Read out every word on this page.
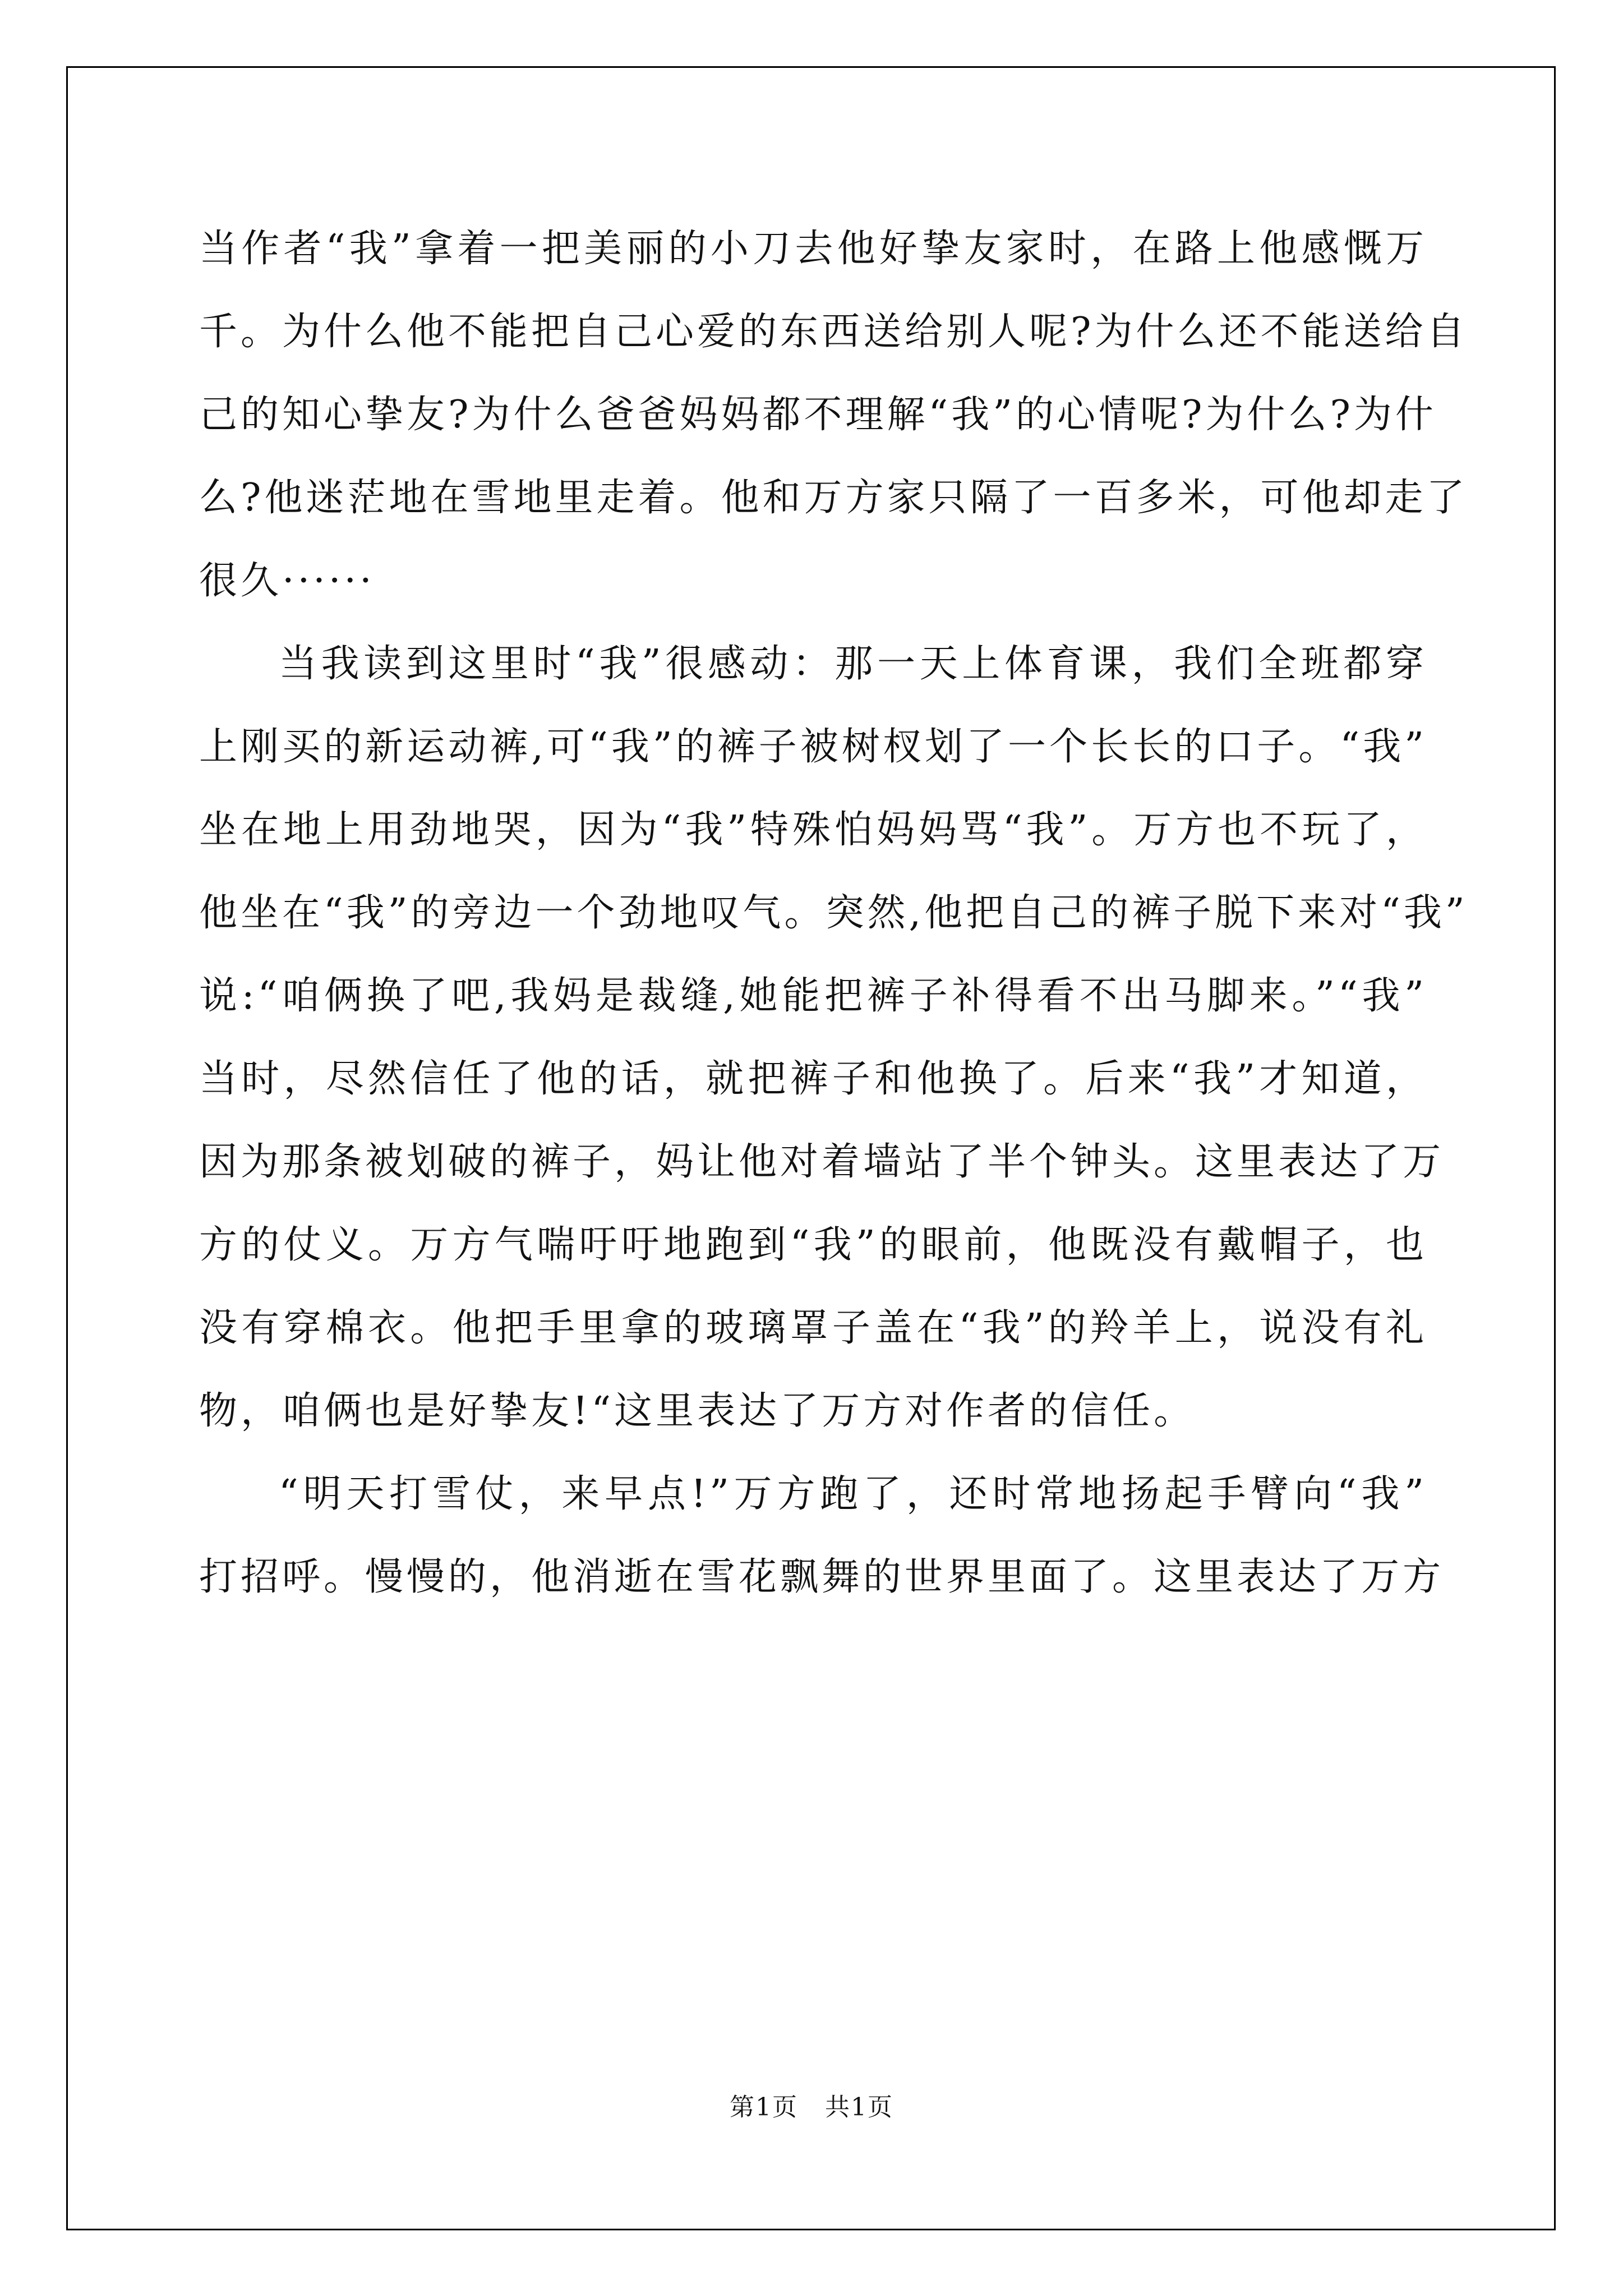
当作者“我”拿着一把美丽的小刀去他好挚友家时，在路上他感慨万
千。为什么他不能把自己心爱的东西送给别人呢?为什么还不能送给自
己的知心挚友?为什么爸爸妈妈都不理解“我”的心情呢?为什么?为什
么?他迷茫地在雪地里走着。他和万方家只隔了一百多米，可他却走了
很久······
当我读到这里时“我”很感动：那一天上体育课，我们全班都穿
上刚买的新运动裤,可“我”的裤子被树杈划了一个长长的口子。“我”
坐在地上用劲地哭，因为“我”特殊怕妈妈骂“我”。万方也不玩了，
他坐在“我”的旁边一个劲地叹气。突然,他把自己的裤子脱下来对“我”
说:“咱俩换了吧,我妈是裁缝,她能把裤子补得看不出马脚来。”“我”
当时，尽然信任了他的话，就把裤子和他换了。后来“我”才知道，
因为那条被划破的裤子，妈让他对着墙站了半个钟头。这里表达了万
方的仗义。万方气喘吁吁地跑到“我”的眼前，他既没有戴帽子，也
没有穿棉衣。他把手里拿的玻璃罩子盖在“我”的羚羊上，说没有礼
物，咱俩也是好挚友!“这里表达了万方对作者的信任。
“明天打雪仗，来早点!”万方跑了，还时常地扬起手臂向“我”
打招呼。慢慢的，他消逝在雪花飘舞的世界里面了。这里表达了万方
第1页 共1页
